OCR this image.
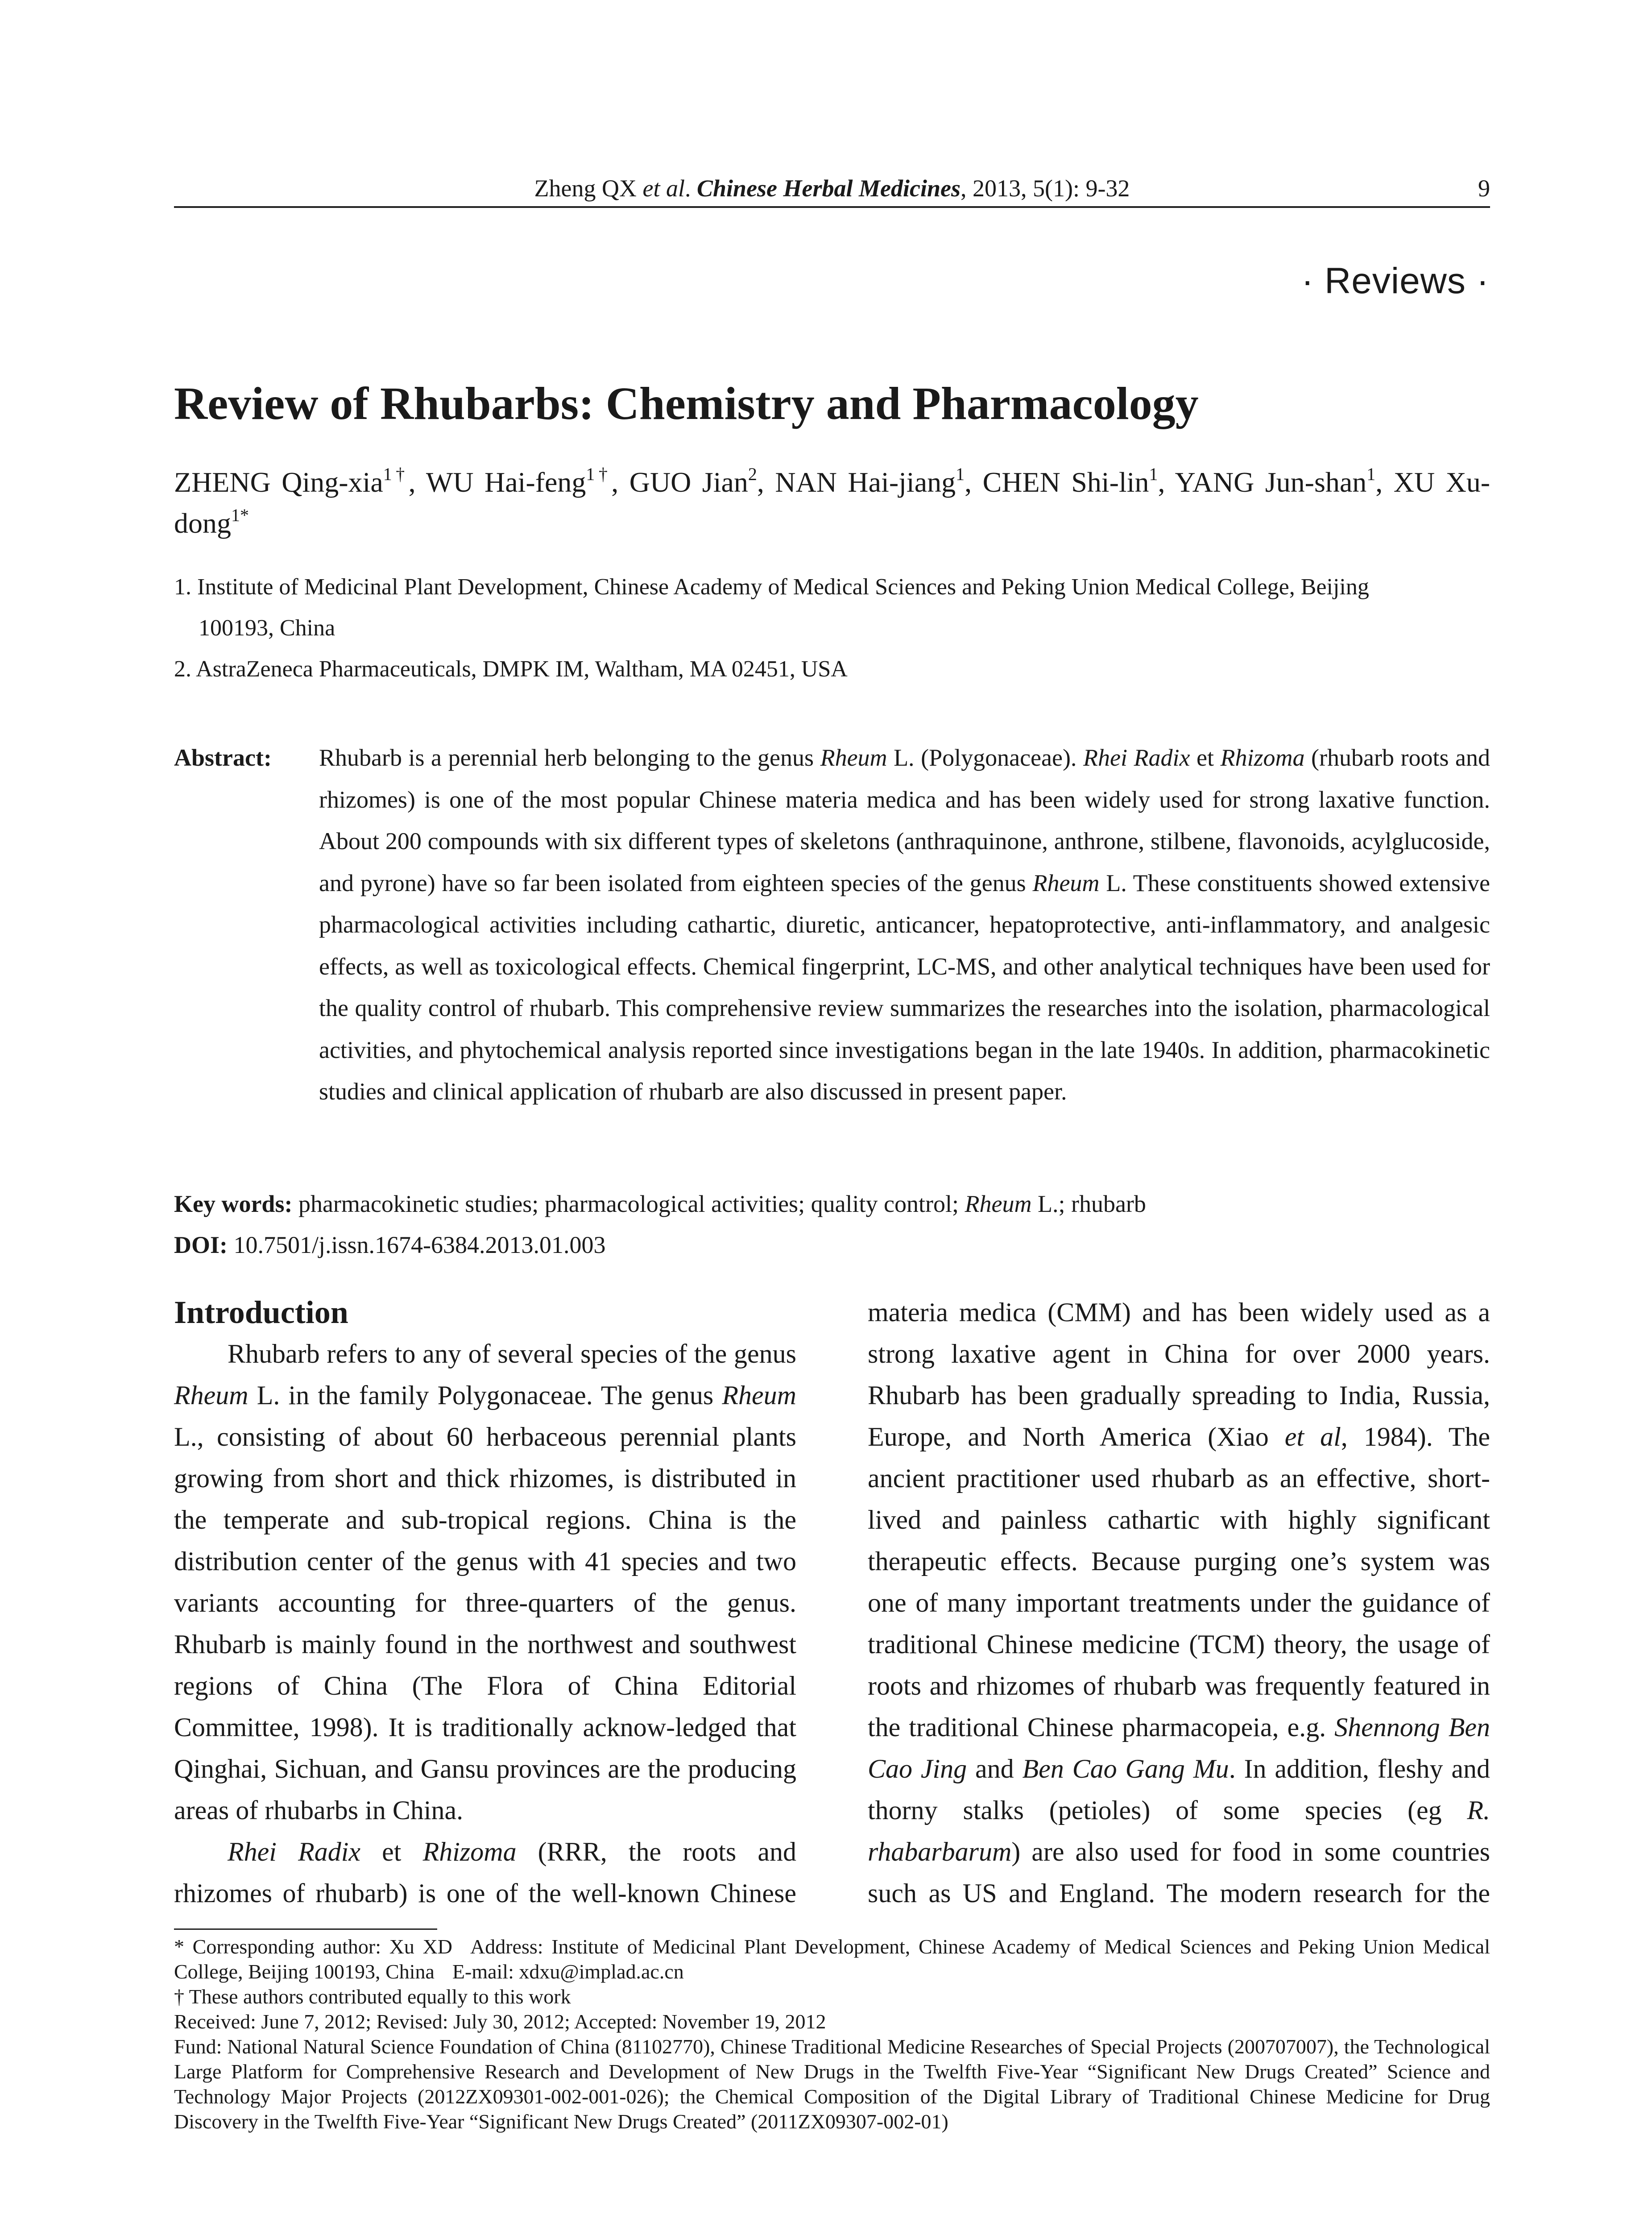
Zheng QX et al. Chinese Herbal Medicines, 2013, 5(1): 9-32	9
· Reviews ·
Review of Rhubarbs: Chemistry and Pharmacology
ZHENG Qing-xia$^{1\dagger}$, WU Hai-feng$^{1\dagger}$, GUO Jian$^2$, NAN Hai-jiang$^1$, CHEN Shi-lin$^1$, YANG Jun-shan$^1$, XU Xu-dong$^{1*}$
1. Institute of Medicinal Plant Development, Chinese Academy of Medical Sciences and Peking Union Medical College, Beijing
100193, China
2. AstraZeneca Pharmaceuticals, DMPK IM, Waltham, MA 02451, USA
Abstract: Rhubarb is a perennial herb belonging to the genus Rheum L. (Polygonaceae). Rhei Radix et Rhizoma (rhubarb roots and rhizomes) is one of the most popular Chinese materia medica and has been widely used for strong laxative function. About 200 compounds with six different types of skeletons (anthraquinone, anthrone, stilbene, flavonoids, acylglucoside, and pyrone) have so far been isolated from eighteen species of the genus Rheum L. These constituents showed extensive pharmacological activities including cathartic, diuretic, anticancer, hepatoprotective, anti-inflammatory, and analgesic effects, as well as toxicological effects. Chemical fingerprint, LC-MS, and other analytical techniques have been used for the quality control of rhubarb. This comprehensive review summarizes the researches into the isolation, pharmacological activities, and phytochemical analysis reported since investigations began in the late 1940s. In addition, pharmacokinetic studies and clinical application of rhubarb are also discussed in present paper.

Key words: pharmacokinetic studies; pharmacological activities; quality control; Rheum L.; rhubarb
DOI: 10.7501/j.issn.1674-6384.2013.01.003
Introduction

Rhubarb refers to any of several species of the genus Rheum L. in the family Polygonaceae. The genus Rheum L., consisting of about 60 herbaceous perennial plants growing from short and thick rhizomes, is distributed in the temperate and sub-tropical regions. China is the distribution center of the genus with 41 species and two variants accounting for three-quarters of the genus. Rhubarb is mainly found in the northwest and southwest regions of China (The Flora of China Editorial Committee, 1998). It is traditionally acknow-ledged that Qinghai, Sichuan, and Gansu provinces are the producing areas of rhubarbs in China.

Rhei Radix et Rhizoma (RRR, the roots and rhizomes of rhubarb) is one of the well-known Chinese

materia medica (CMM) and has been widely used as a strong laxative agent in China for over 2000 years. Rhubarb has been gradually spreading to India, Russia, Europe, and North America (Xiao et al, 1984). The ancient practitioner used rhubarb as an effective, short-lived and painless cathartic with highly significant therapeutic effects. Because purging one’s system was one of many important treatments under the guidance of traditional Chinese medicine (TCM) theory, the usage of roots and rhizomes of rhubarb was frequently featured in the traditional Chinese pharmacopeia, e.g. Shennong Ben Cao Jing and Ben Cao Gang Mu. In addition, fleshy and thorny stalks (petioles) of some species (eg R. rhabarbarum) are also used for food in some countries such as US and England. The modern research for the

* Corresponding author: Xu XD Address: Institute of Medicinal Plant Development, Chinese Academy of Medical Sciences and Peking Union Medical College, Beijing 100193, China E-mail: xdxu@implad.ac.cn

† These authors contributed equally to this work

Received: June 7, 2012; Revised: July 30, 2012; Accepted: November 19, 2012

Fund: National Natural Science Foundation of China (81102770), Chinese Traditional Medicine Researches of Special Projects (200707007), the Technological Large Platform for Comprehensive Research and Development of New Drugs in the Twelfth Five-Year “Significant New Drugs Created” Science and Technology Major Projects (2012ZX09301-002-001-026); the Chemical Composition of the Digital Library of Traditional Chinese Medicine for Drug Discovery in the Twelfth Five-Year “Significant New Drugs Created” (2011ZX09307-002-01)
